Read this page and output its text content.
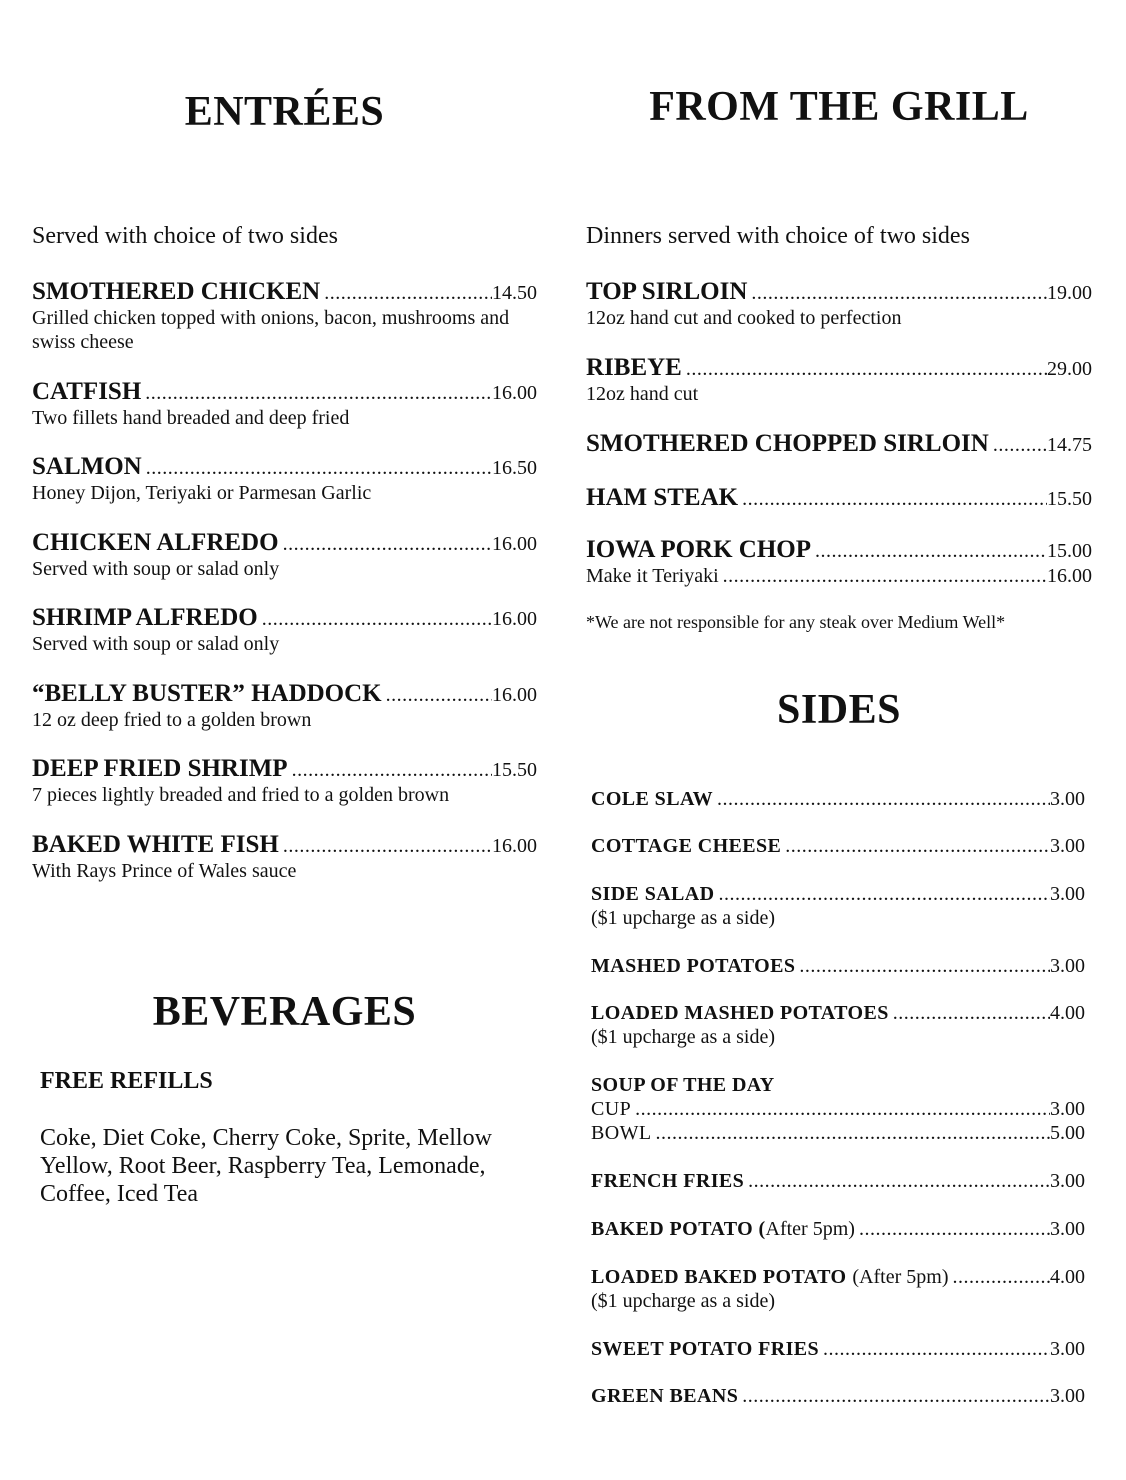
ENTRÉES
Served with choice of two sides
SMOTHERED CHICKEN .....	14.50
Grilled chicken topped with onions, bacon, mushrooms and swiss cheese
CATFISH .....	16.00
Two fillets hand breaded and deep fried
SALMON .....	16.50
Honey Dijon, Teriyaki or Parmesan Garlic
CHICKEN ALFREDO .....	16.00
Served with soup or salad only
SHRIMP ALFREDO .....	16.00
Served with soup or salad only
“BELLY BUSTER” HADDOCK .....	16.00
12 oz deep fried to a golden brown
DEEP FRIED SHRIMP .....	15.50
7 pieces lightly breaded and fried to a golden brown
BAKED WHITE FISH .....	16.00
With Rays Prince of Wales sauce
BEVERAGES
FREE REFILLS
Coke, Diet Coke, Cherry Coke, Sprite, Mellow Yellow, Root Beer, Raspberry Tea, Lemonade, Coffee, Iced Tea
FROM THE GRILL
Dinners served with choice of two sides
TOP SIRLOIN .....	19.00
12oz hand cut and cooked to perfection
RIBEYE .....	29.00
12oz hand cut
SMOTHERED CHOPPED SIRLOIN .....	14.75
HAM STEAK .....	15.50
IOWA PORK CHOP .....	15.00
Make it Teriyaki .....	16.00
*We are not responsible for any steak over Medium Well*
SIDES
COLE SLAW .....	3.00
COTTAGE CHEESE .....	3.00
SIDE SALAD .....	3.00
($1 upcharge as a side)
MASHED POTATOES .....	3.00
LOADED MASHED POTATOES .....	4.00
($1 upcharge as a side)
SOUP OF THE DAY
CUP .....	3.00
BOWL .....	5.00
FRENCH FRIES .....	3.00
BAKED POTATO ( After 5pm) .....	3.00
LOADED BAKED POTATO (After 5pm) .....	4.00
($1 upcharge as a side)
SWEET POTATO FRIES .....	3.00
GREEN BEANS .....	3.00
